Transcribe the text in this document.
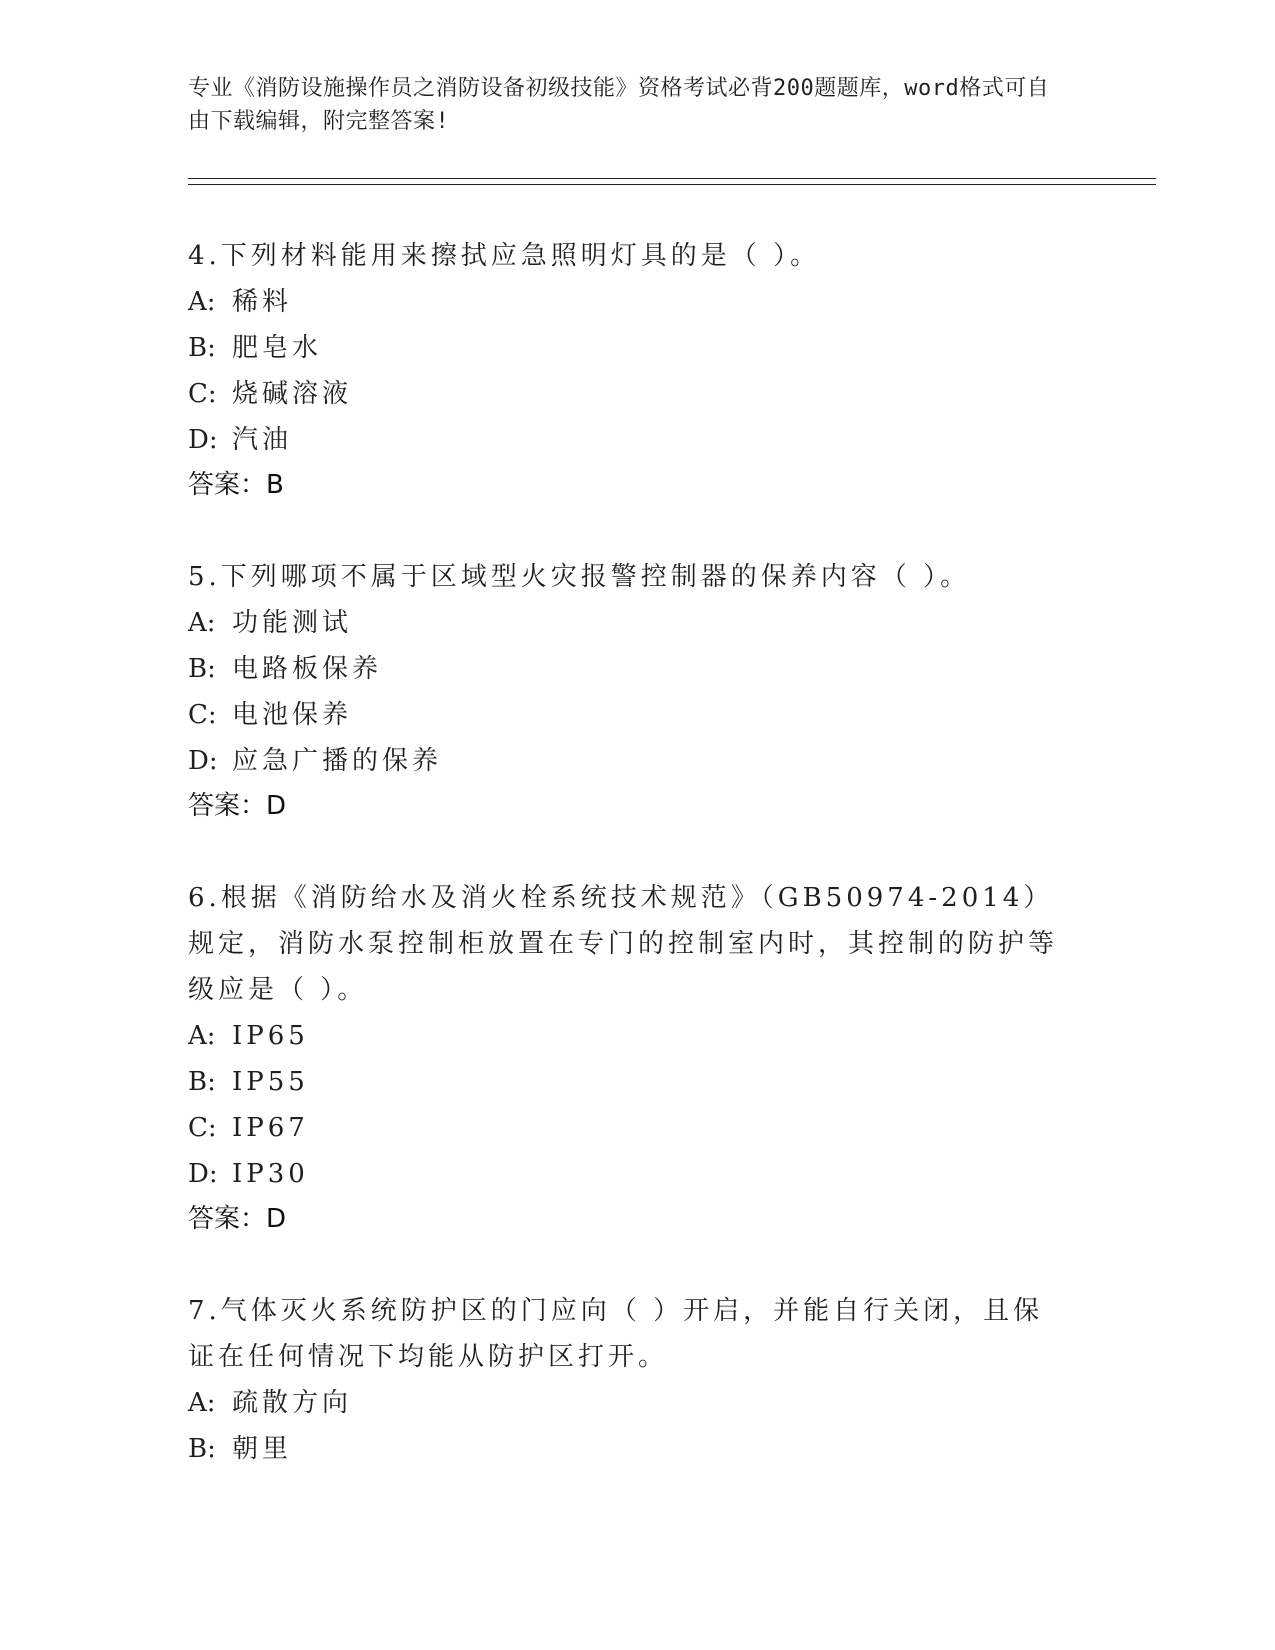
专业《消防设施操作员之消防设备初级技能》资格考试必背200题题库，word格式可自由下载编辑，附完整答案!
4.下列材料能用来擦拭应急照明灯具的是（ ）。
A: 稀料
B: 肥皂水
C: 烧碱溶液
D: 汽油
答案：B
5.下列哪项不属于区域型火灾报警控制器的保养内容（ ）。
A: 功能测试
B: 电路板保养
C: 电池保养
D: 应急广播的保养
答案：D
6.根据《消防给水及消火栓系统技术规范》（GB50974-2014）规定，消防水泵控制柜放置在专门的控制室内时，其控制的防护等级应是（ ）。
A: IP65
B: IP55
C: IP67
D: IP30
答案：D
7.气体灭火系统防护区的门应向（ ）开启，并能自行关闭，且保证在任何情况下均能从防护区打开。
A: 疏散方向
B: 朝里
